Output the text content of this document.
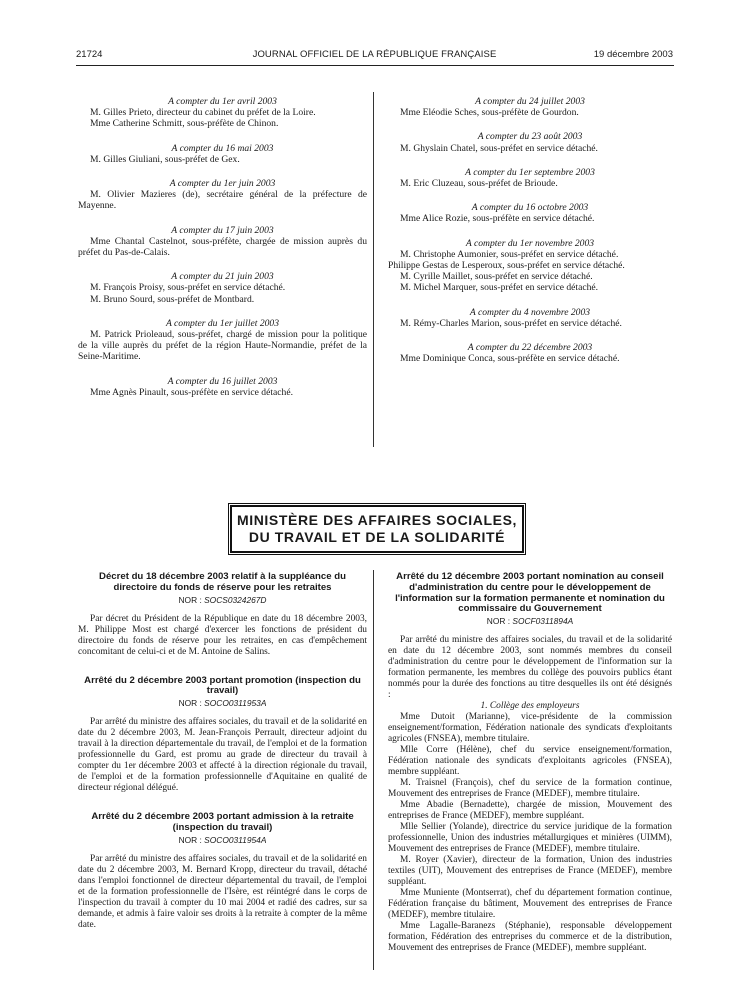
21724	JOURNAL OFFICIEL DE LA RÉPUBLIQUE FRANÇAISE	19 décembre 2003

A compter du 1er avril 2003

M. Gilles Prieto, directeur du cabinet du préfet de la Loire.

Mme Catherine Schmitt, sous-préfète de Chinon.

A compter du 16 mai 2003

M. Gilles Giuliani, sous-préfet de Gex.

A compter du 1er juin 2003

M. Olivier Mazieres (de), secrétaire général de la préfecture de Mayenne.

A compter du 17 juin 2003

Mme Chantal Castelnot, sous-préfète, chargée de mission auprès du préfet du Pas-de-Calais.

A compter du 21 juin 2003

M. François Proisy, sous-préfet en service détaché.

M. Bruno Sourd, sous-préfet de Montbard.

A compter du 1er juillet 2003

M. Patrick Prioleaud, sous-préfet, chargé de mission pour la politique de la ville auprès du préfet de la région Haute-Normandie, préfet de la Seine-Maritime.

A compter du 16 juillet 2003

Mme Agnès Pinault, sous-préfète en service détaché.

A compter du 24 juillet 2003

Mme Eléodie Sches, sous-préfète de Gourdon.

A compter du 23 août 2003

M. Ghyslain Chatel, sous-préfet en service détaché.

A compter du 1er septembre 2003

M. Eric Cluzeau, sous-préfet de Brioude.

A compter du 16 octobre 2003

Mme Alice Rozie, sous-préfète en service détaché.

A compter du 1er novembre 2003

M. Christophe Aumonier, sous-préfet en service détaché.

Philippe Gestas de Lesperoux, sous-préfet en service détaché.

M. Cyrille Maillet, sous-préfet en service détaché.

M. Michel Marquer, sous-préfet en service détaché.

A compter du 4 novembre 2003

M. Rémy-Charles Marion, sous-préfet en service détaché.

A compter du 22 décembre 2003

Mme Dominique Conca, sous-préfète en service détaché.

MINISTÈRE DES AFFAIRES SOCIALES,
DU TRAVAIL ET DE LA SOLIDARITÉ
Décret du 18 décembre 2003 relatif à la suppléance du directoire du fonds de réserve pour les retraites
NOR : SOCS0324267D

Par décret du Président de la République en date du 18 décembre 2003, M. Philippe Most est chargé d'exercer les fonctions de président du directoire du fonds de réserve pour les retraites, en cas d'empêchement concomitant de celui-ci et de M. Antoine de Salins.

Arrêté du 2 décembre 2003 portant promotion (inspection du travail)
NOR : SOCO0311953A

Par arrêté du ministre des affaires sociales, du travail et de la solidarité en date du 2 décembre 2003, M. Jean-François Perrault, directeur adjoint du travail à la direction départementale du travail, de l'emploi et de la formation professionnelle du Gard, est promu au grade de directeur du travail à compter du 1er décembre 2003 et affecté à la direction régionale du travail, de l'emploi et de la formation professionnelle d'Aquitaine en qualité de directeur régional délégué.

Arrêté du 2 décembre 2003 portant admission à la retraite (inspection du travail)
NOR : SOCO0311954A

Par arrêté du ministre des affaires sociales, du travail et de la solidarité en date du 2 décembre 2003, M. Bernard Kropp, directeur du travail, détaché dans l'emploi fonctionnel de directeur départemental du travail, de l'emploi et de la formation professionnelle de l'Isère, est réintégré dans le corps de l'inspection du travail à compter du 10 mai 2004 et radié des cadres, sur sa demande, et admis à faire valoir ses droits à la retraite à compter de la même date.

Arrêté du 12 décembre 2003 portant nomination au conseil d'administration du centre pour le développement de l'information sur la formation permanente et nomination du commissaire du Gouvernement
NOR : SOCF0311894A

Par arrêté du ministre des affaires sociales, du travail et de la solidarité en date du 12 décembre 2003, sont nommés membres du conseil d'administration du centre pour le développement de l'information sur la formation permanente, les membres du collège des pouvoirs publics étant nommés pour la durée des fonctions au titre desquelles ils ont été désignés :

1. Collège des employeurs

Mme Dutoit (Marianne), vice-présidente de la commission enseignement/formation, Fédération nationale des syndicats d'exploitants agricoles (FNSEA), membre titulaire.

Mlle Corre (Hélène), chef du service enseignement/formation, Fédération nationale des syndicats d'exploitants agricoles (FNSEA), membre suppléant.

M. Traisnel (François), chef du service de la formation continue, Mouvement des entreprises de France (MEDEF), membre titulaire.

Mme Abadie (Bernadette), chargée de mission, Mouvement des entreprises de France (MEDEF), membre suppléant.

Mlle Sellier (Yolande), directrice du service juridique de la formation professionnelle, Union des industries métallurgiques et minières (UIMM), Mouvement des entreprises de France (MEDEF), membre titulaire.

M. Royer (Xavier), directeur de la formation, Union des industries textiles (UIT), Mouvement des entreprises de France (MEDEF), membre suppléant.

Mme Muniente (Montserrat), chef du département formation continue, Fédération française du bâtiment, Mouvement des entreprises de France (MEDEF), membre titulaire.

Mme Lagalle-Baranezs (Stéphanie), responsable développement formation, Fédération des entreprises du commerce et de la distribution, Mouvement des entreprises de France (MEDEF), membre suppléant.
